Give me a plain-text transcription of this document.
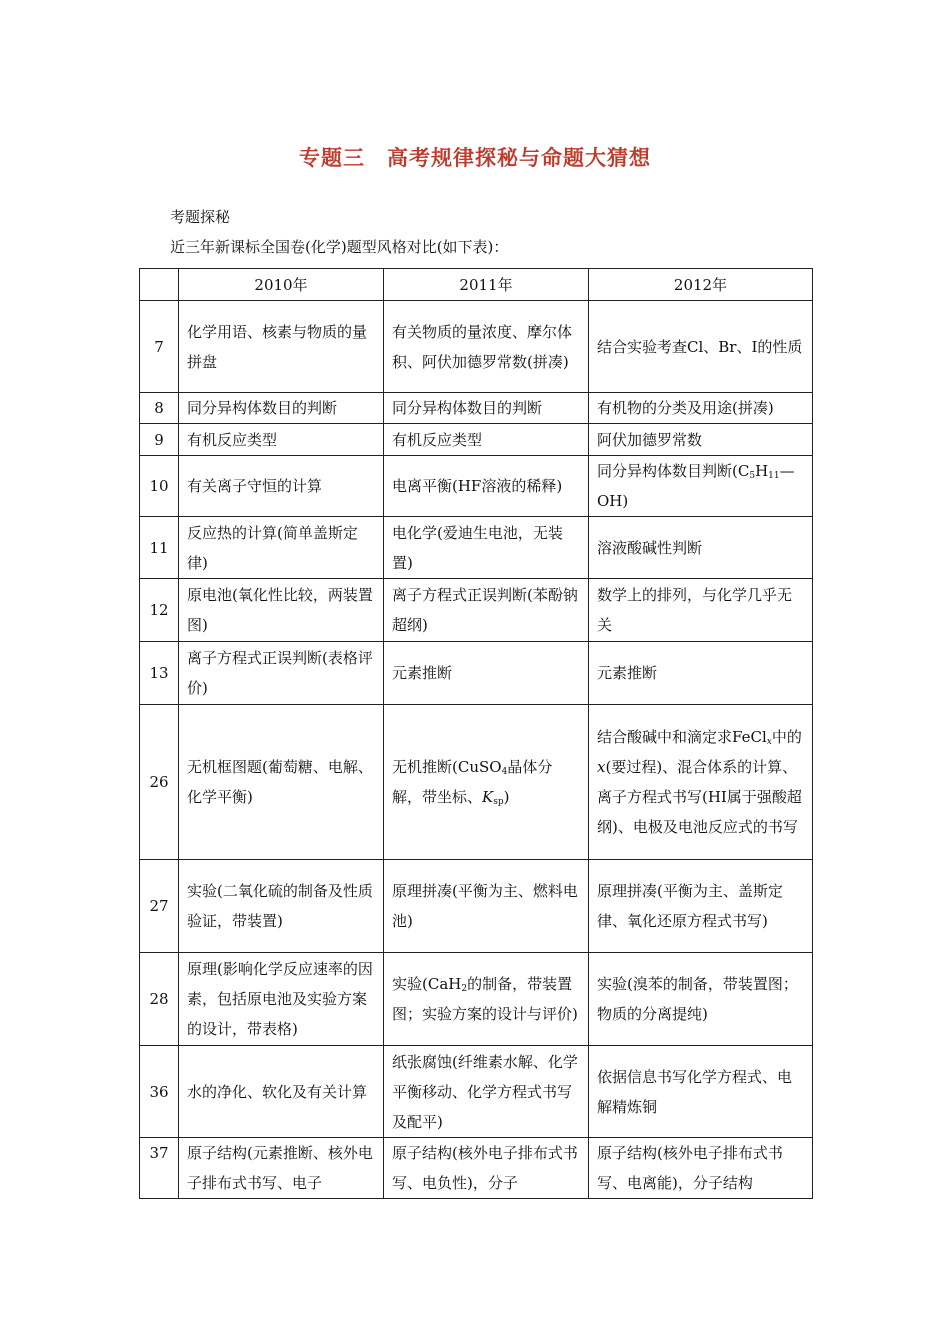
专题三　高考规律探秘与命题大猜想
考题探秘
近三年新课标全国卷(化学)题型风格对比(如下表)：
	2010年	2011年	2012年
7	化学用语、核素与物质的量拼盘	有关物质的量浓度、摩尔体积、阿伏加德罗常数(拼凑)	结合实验考查Cl、Br、I的性质
8	同分异构体数目的判断	同分异构体数目的判断	有机物的分类及用途(拼凑)
9	有机反应类型	有机反应类型	阿伏加德罗常数
10	有关离子守恒的计算	电离平衡(HF溶液的稀释)	同分异构体数目判断$(C_5H_{11}—OH)$
11	反应热的计算(简单盖斯定律)	电化学(爱迪生电池，无装置)	溶液酸碱性判断
12	原电池(氧化性比较，两装置图)	离子方程式正误判断(苯酚钠超纲)	数学上的排列，与化学几乎无关
13	离子方程式正误判断(表格评价)	元素推断	元素推断
26	无机框图题(葡萄糖、电解、化学平衡)	无机推断(CuSO$_4$晶体分解，带坐标、$K_{sp}$)	结合酸碱中和滴定求FeCl$_x$中的x(要过程)、混合体系的计算、离子方程式书写(HI属于强酸超纲)、电极及电池反应式的书写
27	实验(二氧化硫的制备及性质验证，带装置)	原理拼凑(平衡为主、燃料电池)	原理拼凑(平衡为主、盖斯定律、氧化还原方程式书写)
28	原理(影响化学反应速率的因素，包括原电池及实验方案的设计，带表格)	实验(CaH$_2$的制备，带装置图；实验方案的设计与评价)	实验(溴苯的制备，带装置图；物质的分离提纯)
36	水的净化、软化及有关计算	纸张腐蚀(纤维素水解、化学平衡移动、化学方程式书写及配平)	依据信息书写化学方程式、电解精炼铜
37	原子结构(元素推断、核外电子排布式书写、电子	原子结构(核外电子排布式书写、电负性)，分子	原子结构(核外电子排布式书写、电离能)，分子结构
